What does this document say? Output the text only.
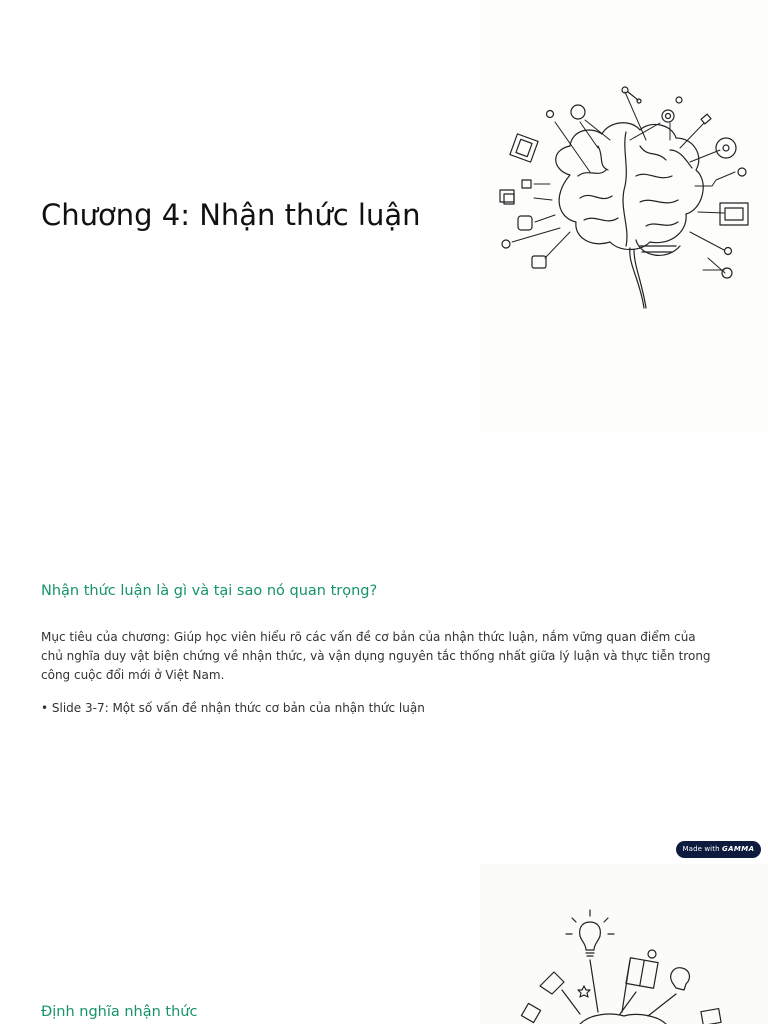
Chương 4: Nhận thức luận
Nhận thức luận là gì và tại sao nó quan trọng?

Mục tiêu của chương: Giúp học viên hiểu rõ các vấn đề cơ bản của nhận thức luận, nắm vững quan điểm của chủ nghĩa duy vật biện chứng về nhận thức, và vận dụng nguyên tắc thống nhất giữa lý luận và thực tiễn trong công cuộc đổi mới ở Việt Nam.

• Slide 3-7: Một số vấn đề nhận thức cơ bản của nhận thức luận

Made with GAMMA
Định nghĩa nhận thức
